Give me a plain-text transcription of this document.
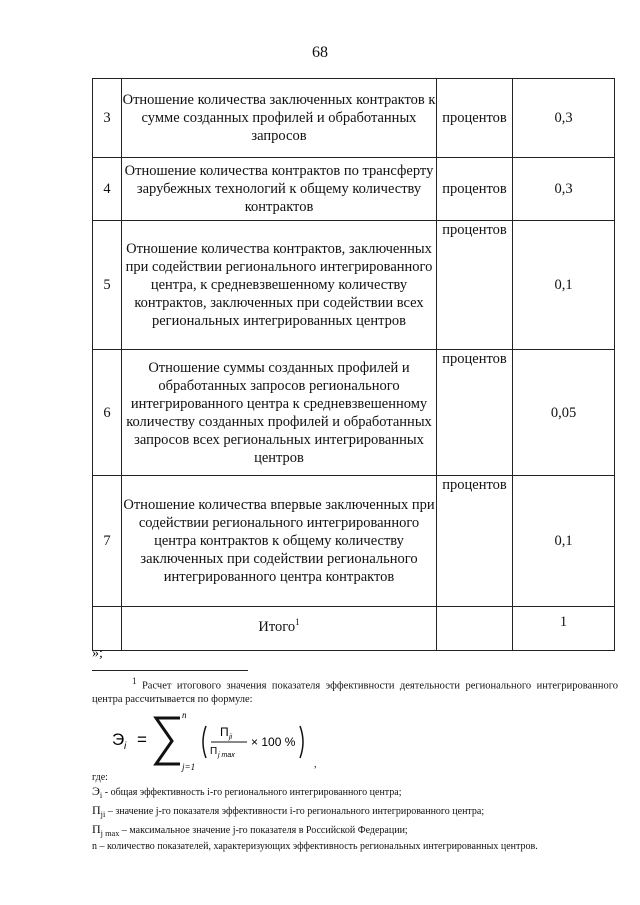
68
3	Отношение количества заключенных контрактов к сумме созданных профилей и обработанных запросов	процентов	0,3
4	Отношение количества контрактов по трансферту зарубежных технологий к общему количеству контрактов	процентов	0,3
5	Отношение количества контрактов, заключенных при содействии регионального интегрированного центра, к средневзвешенному количеству контрактов, заключенных при содействии всех региональных интегрированных центров	процентов	0,1
6	Отношение суммы созданных профилей и обработанных запросов регионального интегрированного центра к средневзвешенному количеству созданных профилей и обработанных запросов всех региональных интегрированных центров	процентов	0,05
7	Отношение количества впервые заключенных при содействии регионального интегрированного центра контрактов к общему количеству заключенных при содействии регионального интегрированного центра контрактов	процентов	0,1
	Итого$^1$		1
»;
$^1$ Расчет итогового значения показателя эффективности деятельности регионального интегрированного центра рассчитывается по формуле:
Э i =
n
j=1
П ji
П j max
× 100 %
,
где:
$Э_i$ - общая эффективность i-го регионального интегрированного центра;
$П_{ji}$ – значение j-го показателя эффективности i-го регионального интегрированного центра;
$П_{j max}$ – максимальное значение j-го показателя в Российской Федерации;
n – количество показателей, характеризующих эффективность региональных интегрированных центров.
